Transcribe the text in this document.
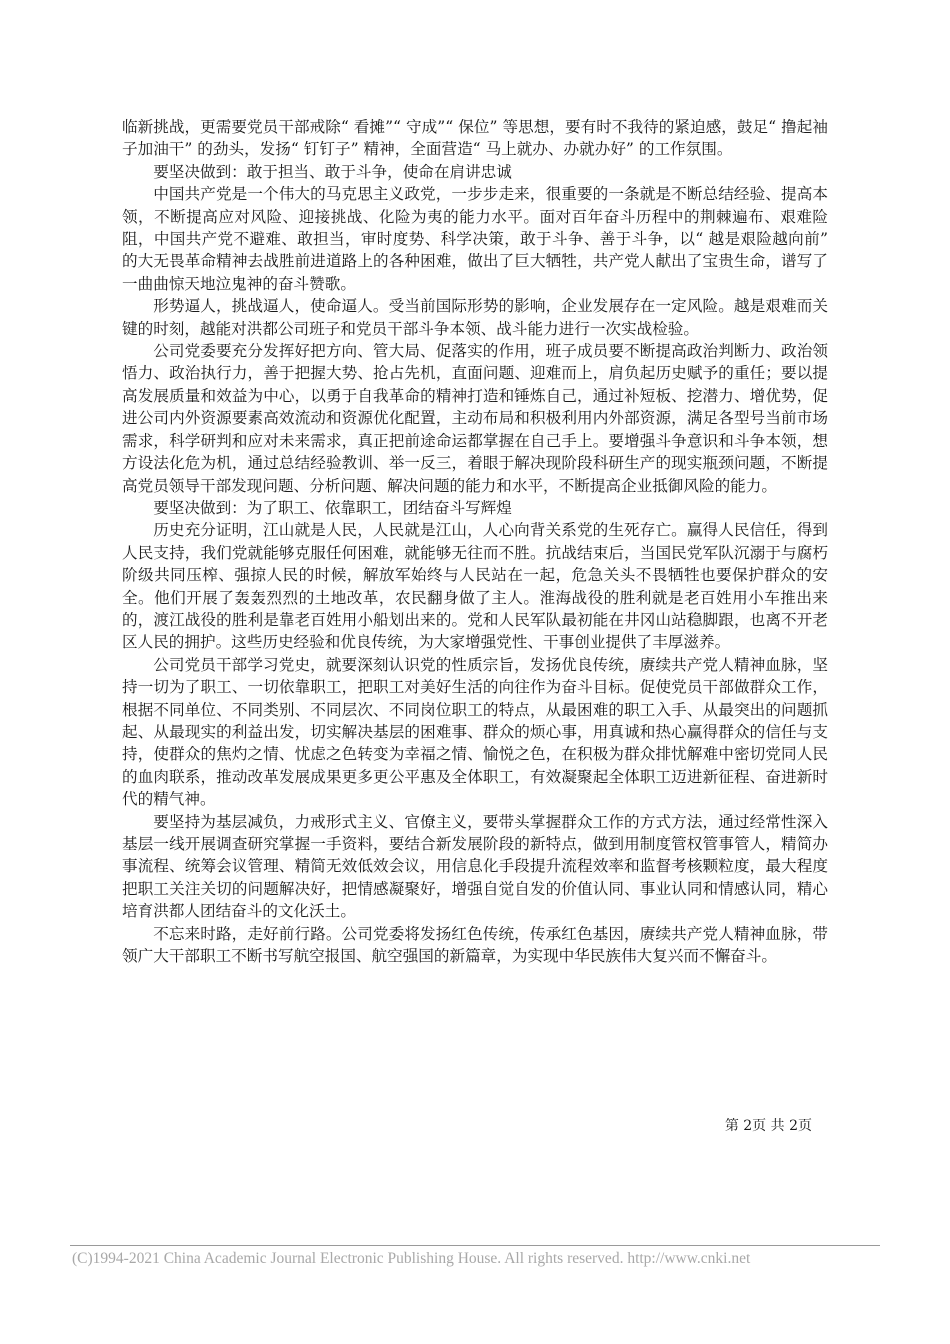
临新挑战，更需要党员干部戒除“ 看摊”“ 守成”“ 保位” 等思想，要有时不我待的紧迫感，鼓足“ 撸起袖子加油干” 的劲头，发扬“ 钉钉子” 精神，全面营造“ 马上就办、办就办好” 的工作氛围。

要坚决做到：敢于担当、敢于斗争，使命在肩讲忠诚

中国共产党是一个伟大的马克思主义政党，一步步走来，很重要的一条就是不断总结经验、提高本领，不断提高应对风险、迎接挑战、化险为夷的能力水平。面对百年奋斗历程中的荆棘遍布、艰难险阻，中国共产党不避难、敢担当，审时度势、科学决策，敢于斗争、善于斗争，以“ 越是艰险越向前” 的大无畏革命精神去战胜前进道路上的各种困难，做出了巨大牺牲，共产党人献出了宝贵生命，谱写了一曲曲惊天地泣鬼神的奋斗赞歌。

形势逼人，挑战逼人，使命逼人。受当前国际形势的影响，企业发展存在一定风险。越是艰难而关键的时刻，越能对洪都公司班子和党员干部斗争本领、战斗能力进行一次实战检验。

公司党委要充分发挥好把方向、管大局、促落实的作用，班子成员要不断提高政治判断力、政治领悟力、政治执行力，善于把握大势、抢占先机，直面问题、迎难而上，肩负起历史赋予的重任；要以提高发展质量和效益为中心，以勇于自我革命的精神打造和锤炼自己，通过补短板、挖潜力、增优势，促进公司内外资源要素高效流动和资源优化配置，主动布局和积极利用内外部资源，满足各型号当前市场需求，科学研判和应对未来需求，真正把前途命运都掌握在自己手上。要增强斗争意识和斗争本领，想方设法化危为机，通过总结经验教训、举一反三，着眼于解决现阶段科研生产的现实瓶颈问题，不断提高党员领导干部发现问题、分析问题、解决问题的能力和水平，不断提高企业抵御风险的能力。

要坚决做到：为了职工、依靠职工，团结奋斗写辉煌

历史充分证明，江山就是人民，人民就是江山，人心向背关系党的生死存亡。赢得人民信任，得到人民支持，我们党就能够克服任何困难，就能够无往而不胜。抗战结束后，当国民党军队沉溺于与腐朽阶级共同压榨、强掠人民的时候，解放军始终与人民站在一起，危急关头不畏牺牲也要保护群众的安全。他们开展了轰轰烈烈的土地改革，农民翻身做了主人。淮海战役的胜利就是老百姓用小车推出来的，渡江战役的胜利是靠老百姓用小船划出来的。党和人民军队最初能在井冈山站稳脚跟，也离不开老区人民的拥护。这些历史经验和优良传统，为大家增强党性、干事创业提供了丰厚滋养。

公司党员干部学习党史，就要深刻认识党的性质宗旨，发扬优良传统，赓续共产党人精神血脉，坚持一切为了职工、一切依靠职工，把职工对美好生活的向往作为奋斗目标。促使党员干部做群众工作，根据不同单位、不同类别、不同层次、不同岗位职工的特点，从最困难的职工入手、从最突出的问题抓起、从最现实的利益出发，切实解决基层的困难事、群众的烦心事，用真诚和热心赢得群众的信任与支持，使群众的焦灼之情、忧虑之色转变为幸福之情、愉悦之色，在积极为群众排忧解难中密切党同人民的血肉联系，推动改革发展成果更多更公平惠及全体职工，有效凝聚起全体职工迈进新征程、奋进新时代的精气神。

要坚持为基层减负，力戒形式主义、官僚主义，要带头掌握群众工作的方式方法，通过经常性深入基层一线开展调查研究掌握一手资料，要结合新发展阶段的新特点，做到用制度管权管事管人，精简办事流程、统筹会议管理、精简无效低效会议，用信息化手段提升流程效率和监督考核颗粒度，最大程度把职工关注关切的问题解决好，把情感凝聚好，增强自觉自发的价值认同、事业认同和情感认同，精心培育洪都人团结奋斗的文化沃土。

不忘来时路，走好前行路。公司党委将发扬红色传统，传承红色基因，赓续共产党人精神血脉，带领广大干部职工不断书写航空报国、航空强国的新篇章，为实现中华民族伟大复兴而不懈奋斗。

第 2页 共 2页
(C)1994-2021 China Academic Journal Electronic Publishing House. All rights reserved. http://www.cnki.net
